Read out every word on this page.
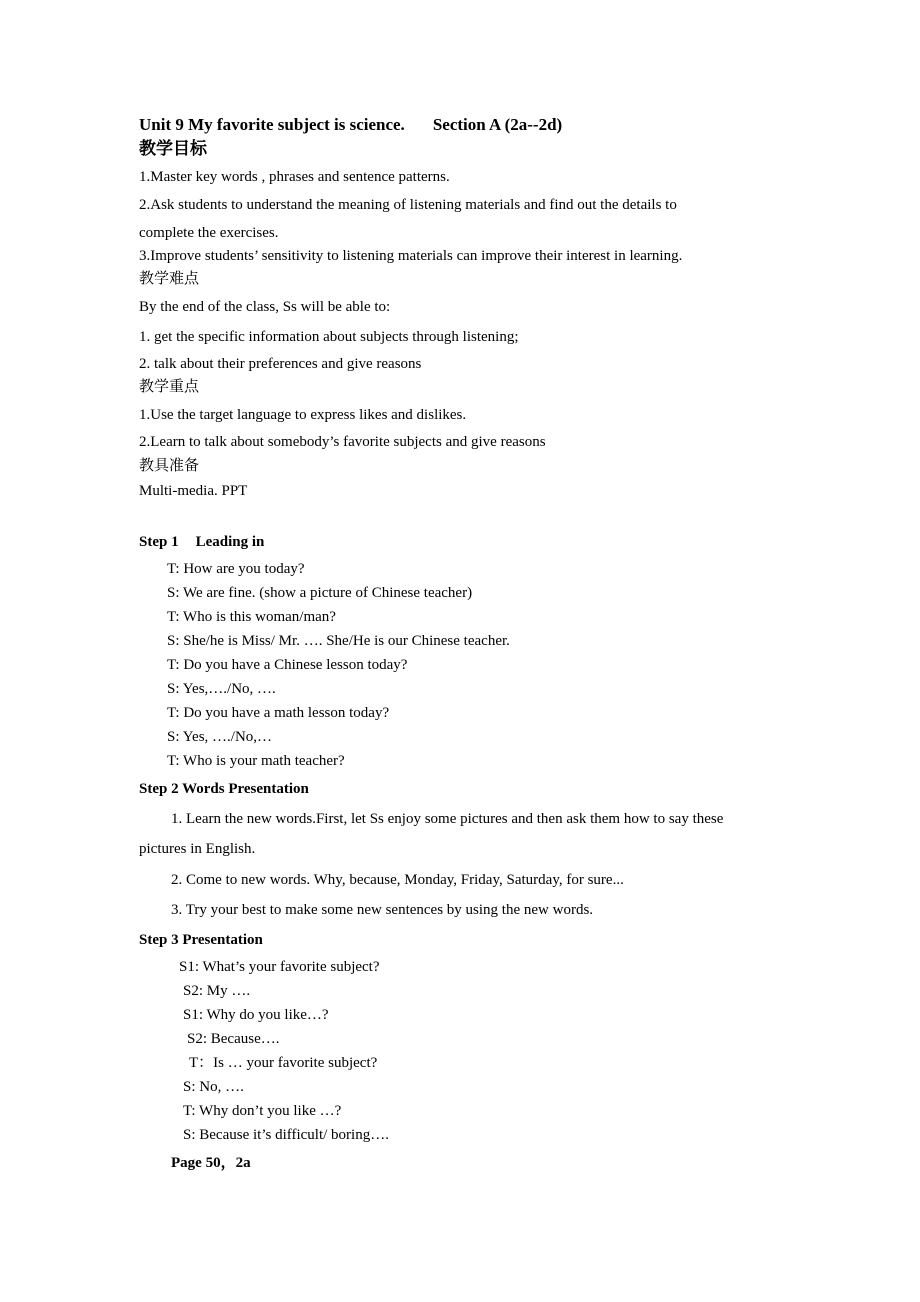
Unit 9 My favorite subject is science. Section A (2a--2d)
教学目标
1.Master key words , phrases and sentence patterns.
2.Ask students to understand the meaning of listening materials and find out the details to
complete the exercises.
3.Improve students’ sensitivity to listening materials can improve their interest in learning.
教学难点
By the end of the class, Ss will be able to:
1. get the specific information about subjects through listening;
2. talk about their preferences and give reasons
教学重点
1.Use the target language to express likes and dislikes.
2.Learn to talk about somebody’s favorite subjects and give reasons
教具准备
Multi-media. PPT
Step 1 Leading in
T: How are you today?
S: We are fine. (show a picture of Chinese teacher)
T: Who is this woman/man?
S: She/he is Miss/ Mr. …. She/He is our Chinese teacher.
T: Do you have a Chinese lesson today?
S: Yes,…./No, ….
T: Do you have a math lesson today?
S: Yes, …./No,…
T: Who is your math teacher?
Step 2 Words Presentation
1. Learn the new words.First, let Ss enjoy some pictures and then ask them how to say these
pictures in English.
2. Come to new words. Why, because, Monday, Friday, Saturday, for sure...
3. Try your best to make some new sentences by using the new words.
Step 3 Presentation
S1: What’s your favorite subject?
S2: My ….
S1: Why do you like…?
S2: Because….
T：Is … your favorite subject?
S: No, ….
T: Why don’t you like …?
S: Because it’s difficult/ boring….
Page 50，2a
